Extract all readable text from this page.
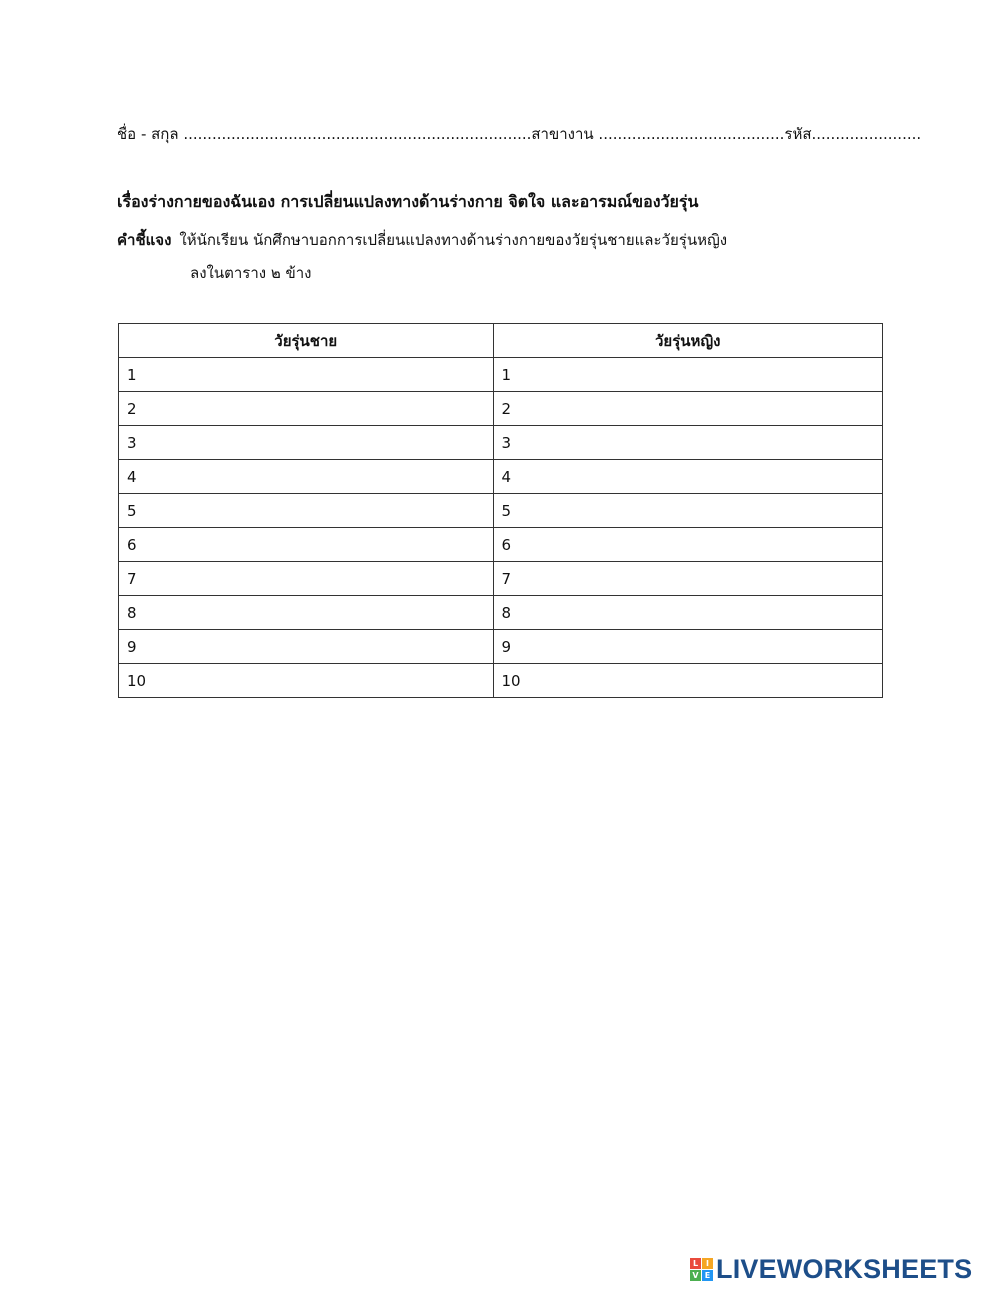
ชื่อ - สกุล .........................................................................สาขางาน .......................................รหัส.......................
เรื่องร่างกายของฉันเอง การเปลี่ยนแปลงทางด้านร่างกาย จิตใจ และอารมณ์ของวัยรุ่น
คำชี้แจง ให้นักเรียน นักศึกษาบอกการเปลี่ยนแปลงทางด้านร่างกายของวัยรุ่นชายและวัยรุ่นหญิง
ลงในตาราง ๒ ข้าง
วัยรุ่นชาย	วัยรุ่นหญิง
1	1
2	2
3	3
4	4
5	5
6	6
7	7
8	8
9	9
10	10
L I
V E LIVEWORKSHEETS
